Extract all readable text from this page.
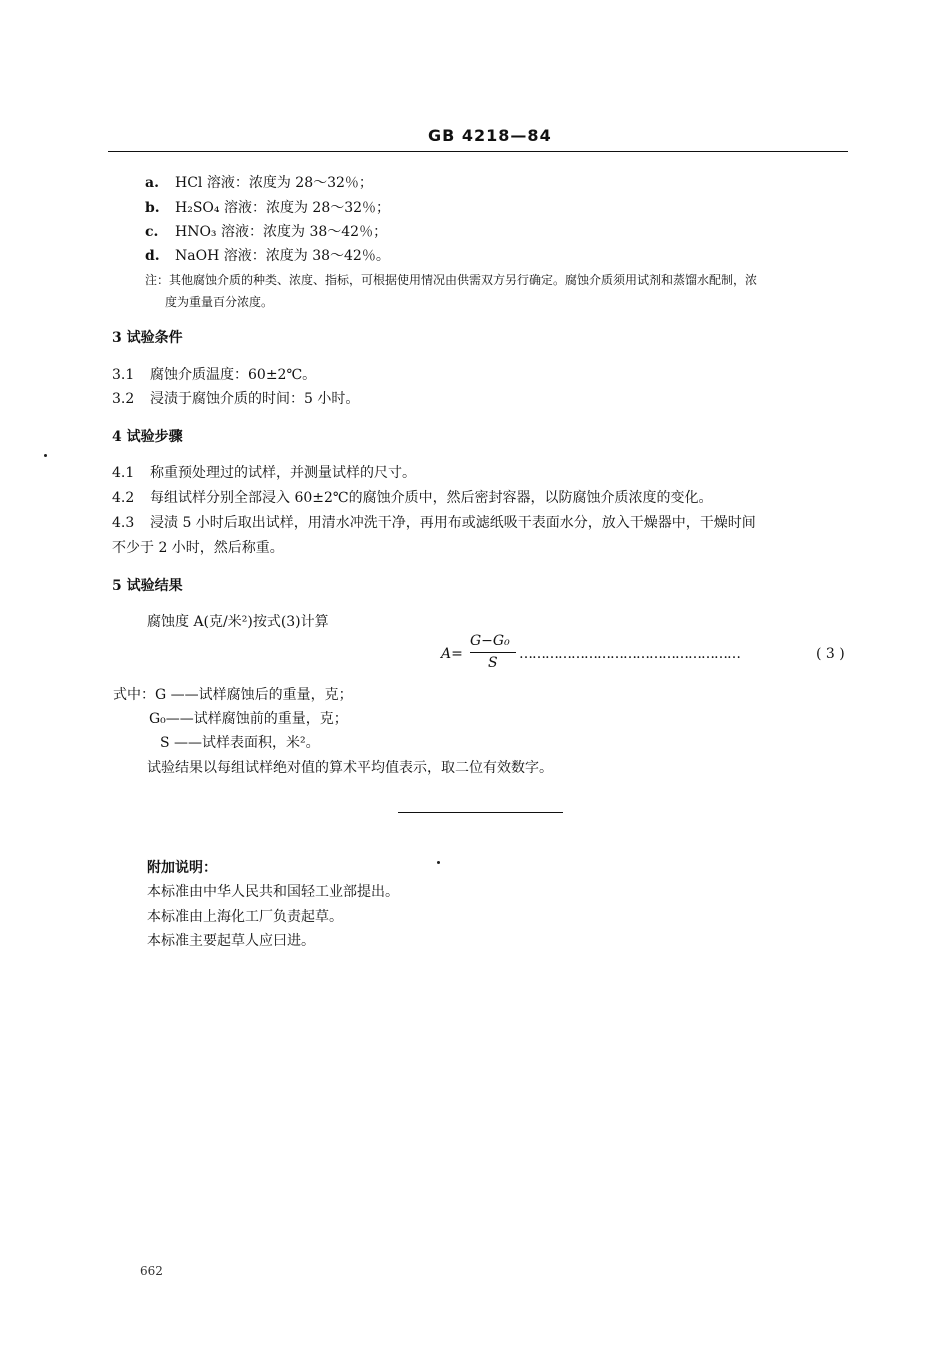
GB 4218—84
a. HCl 溶液：浓度为 28～32％；
b. H₂SO₄ 溶液：浓度为 28～32％；
c. HNO₃ 溶液：浓度为 38～42％；
d. NaOH 溶液：浓度为 38～42％。
注：其他腐蚀介质的种类、浓度、指标，可根据使用情况由供需双方另行确定。腐蚀介质须用试剂和蒸馏水配制，浓
度为重量百分浓度。
3 试验条件
3.1 腐蚀介质温度：60±2℃。
3.2 浸渍于腐蚀介质的时间：5 小时。
4 试验步骤
4.1 称重预处理过的试样，并测量试样的尺寸。
4.2 每组试样分别全部浸入 60±2℃的腐蚀介质中，然后密封容器，以防腐蚀介质浓度的变化。
4.3 浸渍 5 小时后取出试样，用清水冲洗干净，再用布或滤纸吸干表面水分，放入干燥器中，干燥时间
不少于 2 小时，然后称重。
5 试验结果
腐蚀度 A(克/米²)按式(3)计算
A=
G−G₀
S
……………………………………………	( 3 )
式中：G ——试样腐蚀后的重量，克；
G₀——试样腐蚀前的重量，克；
S ——试样表面积，米²。
试验结果以每组试样绝对值的算术平均值表示，取二位有效数字。
附加说明：
本标准由中华人民共和国轻工业部提出。
本标准由上海化工厂负责起草。
本标准主要起草人应曰进。
662
